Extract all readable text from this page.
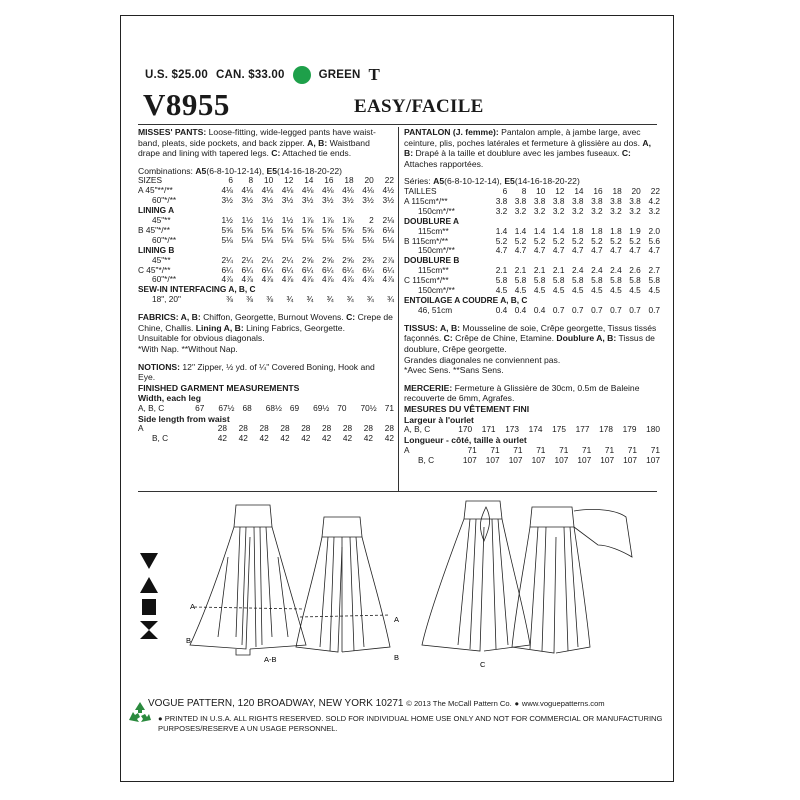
U.S. $25.00 CAN. $33.00	GREEN T
V8955	EASY/FACILE

MISSES' PANTS: Loose-fitting, wide-legged pants have waist-band, pleats, side pockets, and back zipper. A, B: Waistband drape and lining with tapered legs. C: Attached tie ends.

Combinations: A5(6-8-10-12-14), E5(14-16-18-20-22)

SIZES	6	8	10	12	14	16	18	20	22
A 45"**/**	4⅛	4⅛	4⅛	4⅛	4⅛	4⅛	4⅛	4⅛	4½
60"*/**	3½	3½	3½	3½	3½	3½	3½	3½	3½
LINING A									
45"**	1½	1½	1½	1½	1⅞	1⅞	1⅞	2	2⅛
B 45"*/**	5⅝	5⅝	5⅝	5⅝	5⅝	5⅝	5⅝	5⅝	6⅛
60"*/**	5⅛	5⅛	5⅛	5⅛	5⅛	5⅛	5⅛	5⅛	5⅛
LINING B									
45"**	2¼	2¼	2¼	2¼	2⅝	2⅝	2⅝	2¾	2⅞
C 45"*/**	6¼	6¼	6¼	6¼	6¼	6¼	6¼	6¼	6¼
60"*/**	4⅞	4⅞	4⅞	4⅞	4⅞	4⅞	4⅞	4⅞	4⅞
SEW-IN INTERFACING A, B, C									
18", 20"	⅜	⅜	⅜	¾	¾	¾	¾	¾	¾

FABRICS: A, B: Chiffon, Georgette, Burnout Wovens. C: Crepe de Chine, Challis. Lining A, B: Lining Fabrics, Georgette.
Unsuitable for obvious diagonals.
*With Nap. **Without Nap.

NOTIONS: 12" Zipper, ½ yd. of ¼" Covered Boning, Hook and Eye.

FINISHED GARMENT MEASUREMENTS

Width, each leg

A, B, C	67	67½	68	68½	69	69½	70	70½	71

Side length from waist

A	28	28	28	28	28	28	28	28	28
B, C	42	42	42	42	42	42	42	42	42

PANTALON (J. femme): Pantalon ample, à jambe large, avec ceinture, plis, poches latérales et fermeture à glissière au dos. A, B: Drapé à la taille et doublure avec les jambes fuseaux. C: Attaches rapportées.

Séries: A5(6-8-10-12-14), E5(14-16-18-20-22)

TAILLES	6	8	10	12	14	16	18	20	22
A 115cm*/**	3.8	3.8	3.8	3.8	3.8	3.8	3.8	3.8	4.2
150cm*/**	3.2	3.2	3.2	3.2	3.2	3.2	3.2	3.2	3.2
DOUBLURE A									
115cm**	1.4	1.4	1.4	1.4	1.8	1.8	1.8	1.9	2.0
B 115cm*/**	5.2	5.2	5.2	5.2	5.2	5.2	5.2	5.2	5.6
150cm*/**	4.7	4.7	4.7	4.7	4.7	4.7	4.7	4.7	4.7
DOUBLURE B									
115cm**	2.1	2.1	2.1	2.1	2.4	2.4	2.4	2.6	2.7
C 115cm*/**	5.8	5.8	5.8	5.8	5.8	5.8	5.8	5.8	5.8
150cm*/**	4.5	4.5	4.5	4.5	4.5	4.5	4.5	4.5	4.5
ENTOILAGE A COUDRE A, B, C									
46, 51cm	0.4	0.4	0.4	0.7	0.7	0.7	0.7	0.7	0.7

TISSUS: A, B: Mousseline de soie, Crêpe georgette, Tissus tissés façonnés. C: Crêpe de Chine, Etamine. Doublure A, B: Tissus de doublure, Crêpe georgette.
Grandes diagonales ne conviennent pas.
*Avec Sens. **Sans Sens.

MERCERIE: Fermeture à Glissière de 30cm, 0.5m de Baleine recouverte de 6mm, Agrafes.

MESURES DU VÊTEMENT FINI

Largeur à l'ourlet

A, B, C	170	171	173	174	175	177	178	179	180

Longueur - côté, taille à ourlet

A	71	71	71	71	71	71	71	71	71
B, C	107	107	107	107	107	107	107	107	107
A
B
A-B
A
B
C
VOGUE PATTERN, 120 BROADWAY, NEW YORK 10271 © 2013 The McCall Pattern Co. ● www.voguepatterns.com
● PRINTED IN U.S.A. ALL RIGHTS RESERVED. SOLD FOR INDIVIDUAL HOME USE ONLY AND NOT FOR COMMERCIAL OR MANUFACTURING PURPOSES/RESERVE A UN USAGE PERSONNEL.
